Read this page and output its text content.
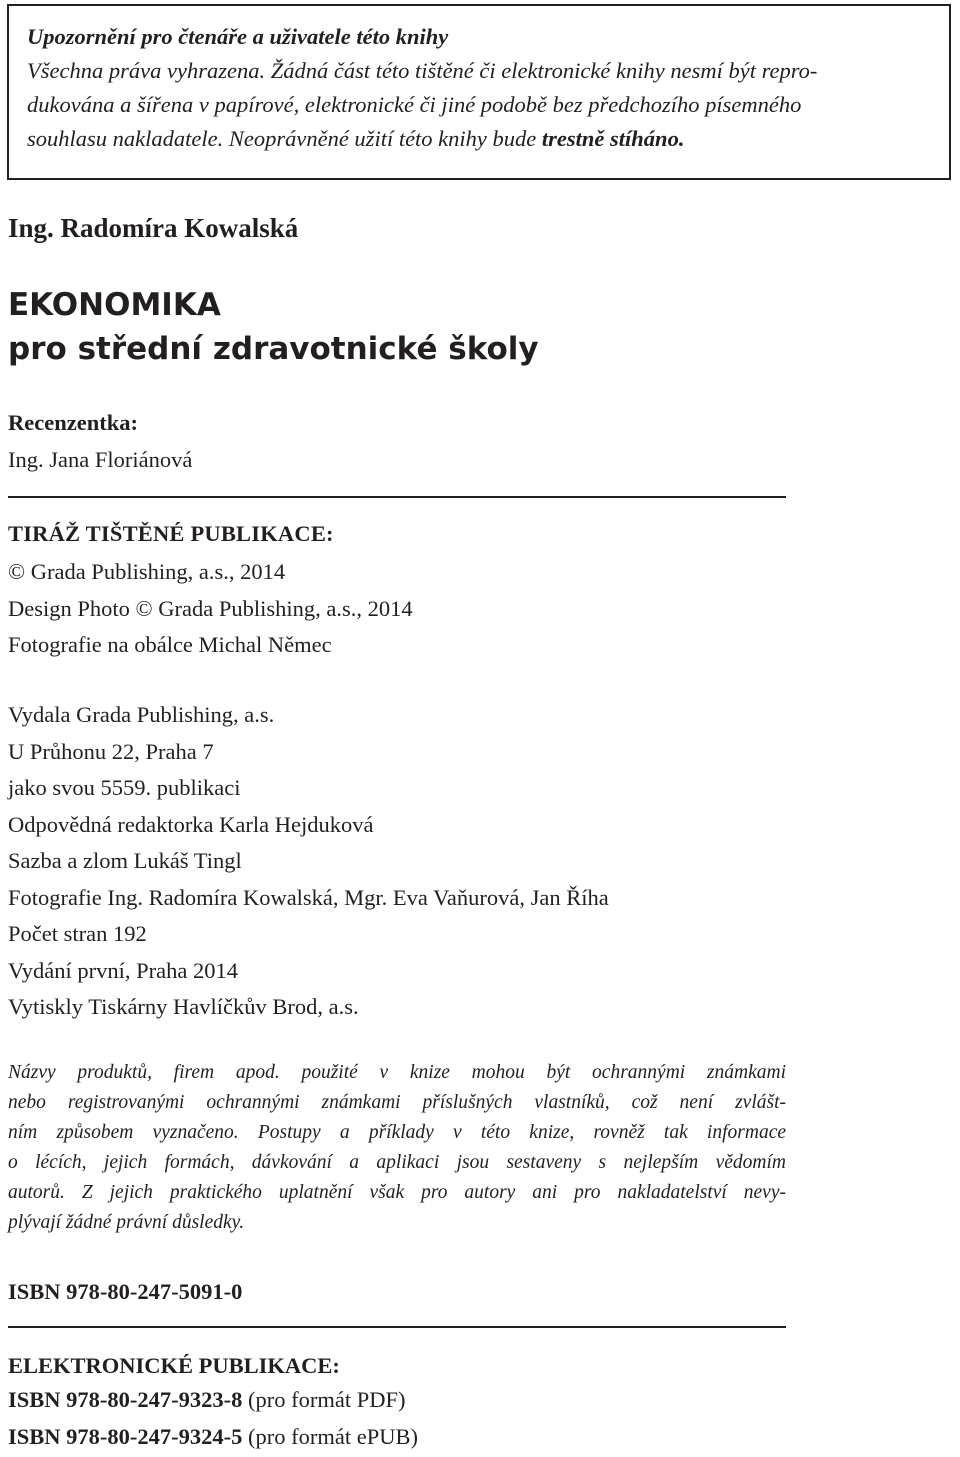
Upozornění pro čtenáře a uživatele této knihy
Všechna práva vyhrazena. Žádná část této tištěné či elektronické knihy nesmí být repro-
dukována a šířena v papírové, elektronické či jiné podobě bez předchozího písemného
souhlasu nakladatele. Neoprávněné užití této knihy bude trestně stíháno.
Ing. Radomíra Kowalská
EKONOMIKA
pro střední zdravotnické školy
Recenzentka:
Ing. Jana Floriánová
TIRÁŽ TIŠTĚNÉ PUBLIKACE:
© Grada Publishing, a.s., 2014
Design Photo © Grada Publishing, a.s., 2014
Fotografie na obálce Michal Němec
Vydala Grada Publishing, a.s.
U Průhonu 22, Praha 7
jako svou 5559. publikaci
Odpovědná redaktorka Karla Hejduková
Sazba a zlom Lukáš Tingl
Fotografie Ing. Radomíra Kowalská, Mgr. Eva Vaňurová, Jan Říha
Počet stran 192
Vydání první, Praha 2014
Vytiskly Tiskárny Havlíčkův Brod, a.s.
Názvy produktů, firem apod. použité v knize mohou být ochrannými známkami
nebo registrovanými ochrannými známkami příslušných vlastníků, což není zvlášt-
ním způsobem vyznačeno. Postupy a příklady v této knize, rovněž tak informace
o lécích, jejich formách, dávkování a aplikaci jsou sestaveny s nejlepším vědomím
autorů. Z jejich praktického uplatnění však pro autory ani pro nakladatelství nevy-
plývají žádné právní důsledky.
ISBN 978-80-247-5091-0
ELEKTRONICKÉ PUBLIKACE:
ISBN 978-80-247-9323-8 (pro formát PDF)
ISBN 978-80-247-9324-5 (pro formát ePUB)
